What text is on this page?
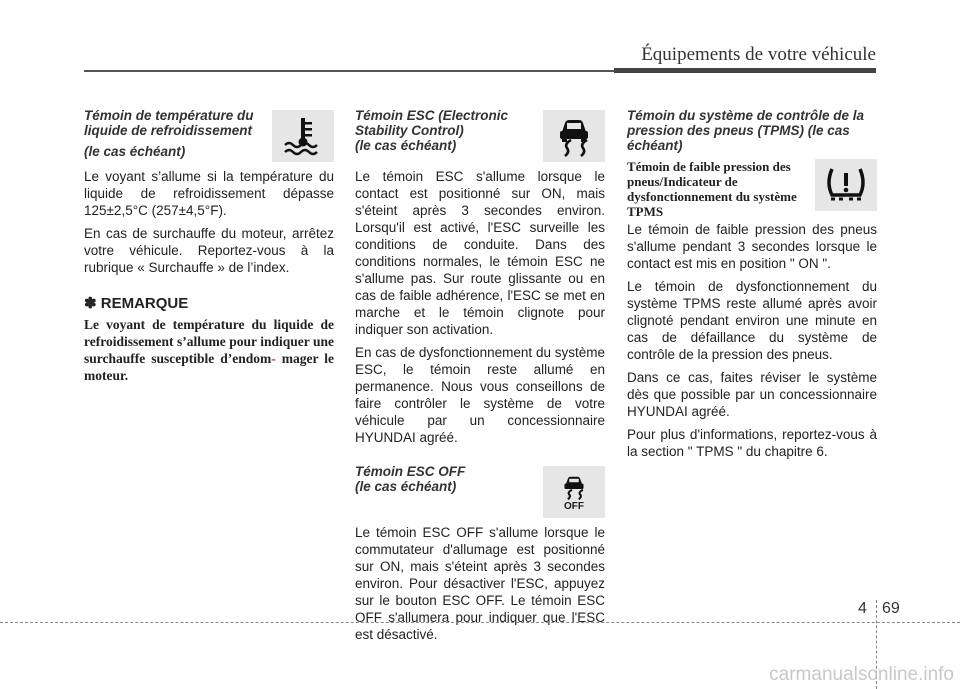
Équipements de votre véhicule
Témoin de température du
liquide de refroidissement
(le cas échéant)

Le voyant s’allume si la température du liquide de refroidissement dépasse 125±2,5°C (257±4,5°F).

En cas de surchauffe du moteur, arrêtez votre véhicule. Reportez-vous à la rubrique « Surchauffe » de l’index.

✽ REMARQUE
Le voyant de température du liquide de refroidissement s’allume pour indiquer une surchauffe susceptible d’endom- mager le moteur.
Témoin ESC (Electronic
Stability Control)
(le cas échéant)

Le témoin ESC s'allume lorsque le contact est positionné sur ON, mais s'éteint après 3 secondes environ. Lorsqu'il est activé, l'ESC surveille les conditions de conduite. Dans des conditions normales, le témoin ESC ne s'allume pas. Sur route glissante ou en cas de faible adhérence, l'ESC se met en marche et le témoin clignote pour indiquer son activation.

En cas de dysfonctionnement du système ESC, le témoin reste allumé en permanence. Nous vous conseillons de faire contrôler le système de votre véhicule par un concessionnaire HYUNDAI agréé.

Témoin ESC OFF
(le cas échéant)
OFF

Le témoin ESC OFF s'allume lorsque le commutateur d'allumage est positionné sur ON, mais s'éteint après 3 secondes environ. Pour désactiver l'ESC, appuyez sur le bouton ESC OFF. Le témoin ESC OFF s'allumera pour indiquer que l'ESC est désactivé.

Témoin du système de contrôle de la
pression des pneus (TPMS) (le cas
échéant)
Témoin de faible pression des pneus/Indicateur de dysfonctionnement du système TPMS

Le témoin de faible pression des pneus s'allume pendant 3 secondes lorsque le contact est mis en position " ON ".

Le témoin de dysfonctionnement du système TPMS reste allumé après avoir clignoté pendant environ une minute en cas de défaillance du système de contrôle de la pression des pneus.

Dans ce cas, faites réviser le système dès que possible par un concessionnaire HYUNDAI agréé.

Pour plus d'informations, reportez-vous à la section " TPMS " du chapitre 6.

4 69
carmanualsonline.info
